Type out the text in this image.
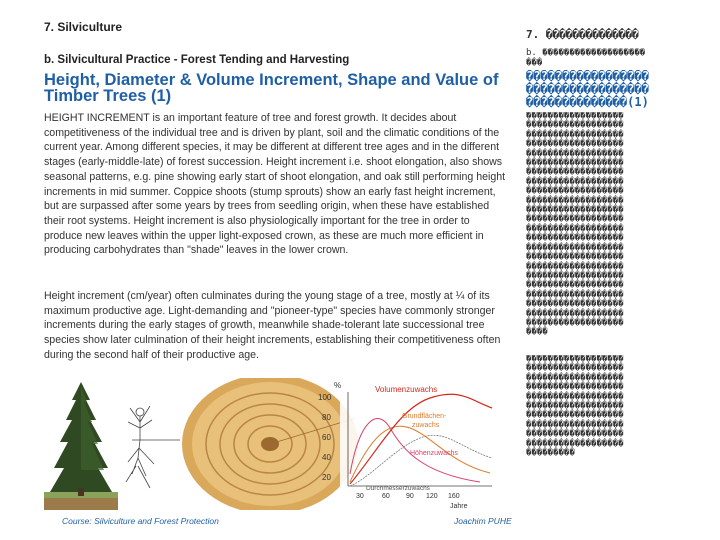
7. Silviculture
b. Silvicultural Practice - Forest Tending and Harvesting
Height, Diameter & Volume Increment, Shape and Value of Timber Trees (1)
HEIGHT INCREMENT is an important feature of tree and forest growth. It decides about competitiveness of the individual tree and is driven by plant, soil and the climatic conditions of the current year. Among different species, it may be different at different tree ages and in the different stages (early-middle-late) of forest succession. Height increment i.e. shoot elongation, also shows seasonal patterns, e.g. pine showing early start of shoot elongation, and oak still performing height increments in mid summer. Coppice shoots (stump sprouts) show an early fast height increment, but are surpassed after some years by trees from seedling origin, when these have established their root systems. Height increment is also physiologically important for the tree in order to produce new leaves within the upper light-exposed crown, as these are much more efficient in producing carbohydrates than "shade" leaves in the lower crown.
Height increment (cm/year) often culminates during the young stage of a tree, mostly at ¼ of its maximum productive age. Light-demanding and "pioneer-type" species have commonly stronger increments during the early stages of growth, meanwhile shade-tolerant late successional tree species show later culmination of their height increments, establishing their competitiveness often during the second half of their productive age.
%
100
80
60
40
20
30	60 90 120 160
Jahre
Volumenzuwachs
Grundflächen-
zuwachs
Höhenzuwachs
Durchmesserzuwachs
Course: Silviculture and Forest Protection	Joachim PUHE
7. ��������������
b. �������������������
���
�����������������
�����������������
��������������(1)
������������������
������������������
������������������
������������������
������������������
������������������
������������������
������������������
������������������
������������������
������������������
������������������
������������������
������������������
������������������
������������������
������������������
������������������
������������������
������������������
������������������
������������������
������������������
����
������������������
������������������
������������������
������������������
������������������
������������������
������������������
������������������
������������������
������������������
���������
